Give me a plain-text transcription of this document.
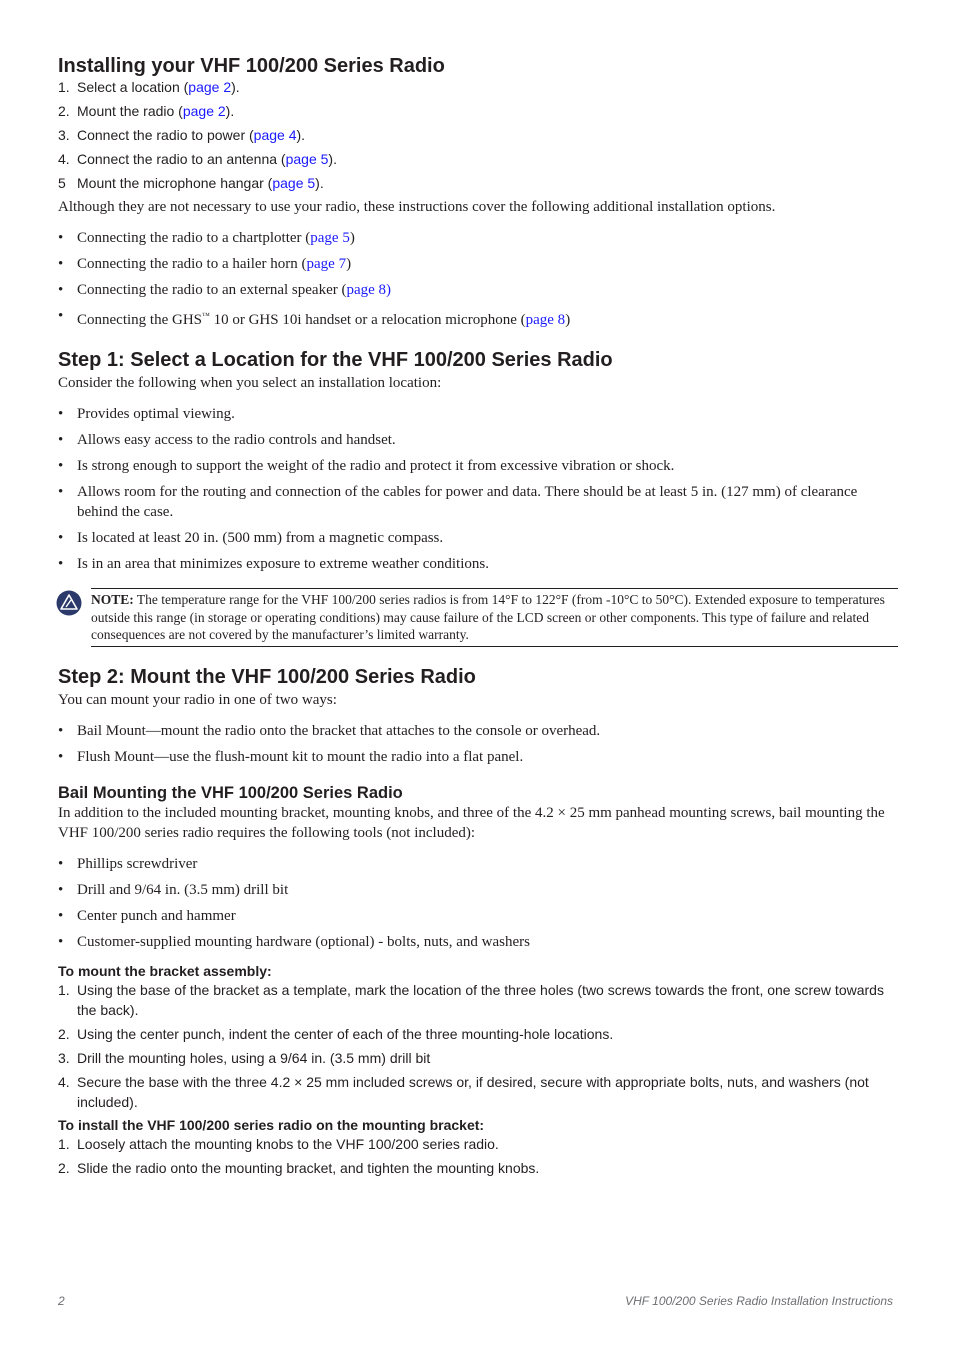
Installing your VHF 100/200 Series Radio
1. Select a location (page 2).
2. Mount the radio (page 2).
3. Connect the radio to power (page 4).
4. Connect the radio to an antenna (page 5).
5 Mount the microphone hangar (page 5).

Although they are not necessary to use your radio, these instructions cover the following additional installation options.

• Connecting the radio to a chartplotter (page 5)
• Connecting the radio to a hailer horn (page 7)
• Connecting the radio to an external speaker (page 8)
• Connecting the GHS™ 10 or GHS 10i handset or a relocation microphone (page 8)
Step 1: Select a Location for the VHF 100/200 Series Radio

Consider the following when you select an installation location:

• Provides optimal viewing.
• Allows easy access to the radio controls and handset.
• Is strong enough to support the weight of the radio and protect it from excessive vibration or shock.
• Allows room for the routing and connection of the cables for power and data. There should be at least 5 in. (127 mm) of clearance behind the case.
• Is located at least 20 in. (500 mm) from a magnetic compass.
• Is in an area that minimizes exposure to extreme weather conditions.
NOTE: The temperature range for the VHF 100/200 series radios is from 14°F to 122°F (from -10°C to 50°C). Extended exposure to temperatures outside this range (in storage or operating conditions) may cause failure of the LCD screen or other components. This type of failure and related consequences are not covered by the manufacturer’s limited warranty.
Step 2: Mount the VHF 100/200 Series Radio

You can mount your radio in one of two ways:

• Bail Mount—mount the radio onto the bracket that attaches to the console or overhead.
• Flush Mount—use the flush-mount kit to mount the radio into a flat panel.
Bail Mounting the VHF 100/200 Series Radio

In addition to the included mounting bracket, mounting knobs, and three of the 4.2 × 25 mm panhead mounting screws, bail mounting the VHF 100/200 series radio requires the following tools (not included):

• Phillips screwdriver
• Drill and 9/64 in. (3.5 mm) drill bit
• Center punch and hammer
• Customer-supplied mounting hardware (optional) - bolts, nuts, and washers

To mount the bracket assembly:

1. Using the base of the bracket as a template, mark the location of the three holes (two screws towards the front, one screw towards the back).
2. Using the center punch, indent the center of each of the three mounting-hole locations.
3. Drill the mounting holes, using a 9/64 in. (3.5 mm) drill bit
4. Secure the base with the three 4.2 × 25 mm included screws or, if desired, secure with appropriate bolts, nuts, and washers (not included).

To install the VHF 100/200 series radio on the mounting bracket:

1. Loosely attach the mounting knobs to the VHF 100/200 series radio.
2. Slide the radio onto the mounting bracket, and tighten the mounting knobs.
2	VHF 100/200 Series Radio Installation Instructions
